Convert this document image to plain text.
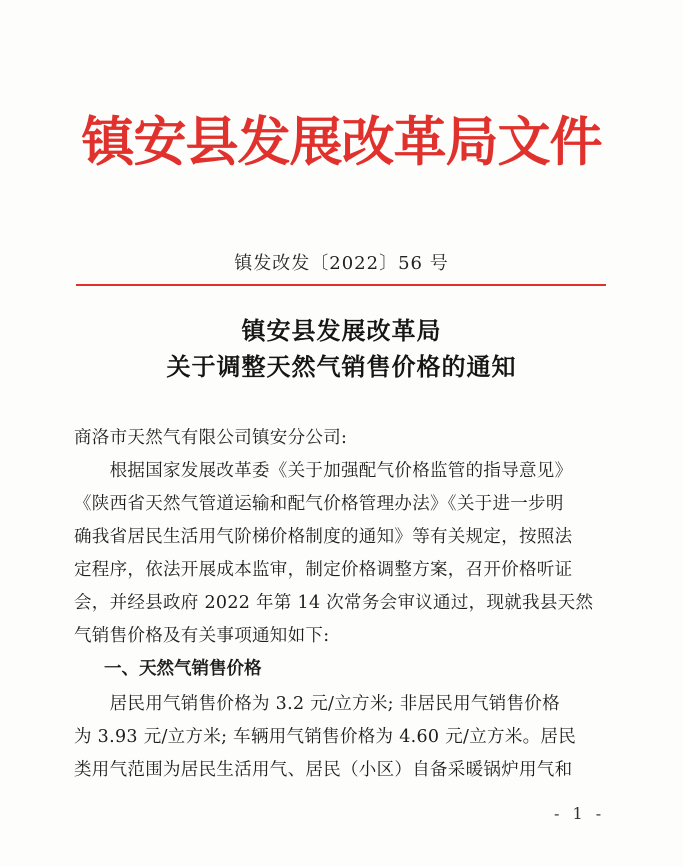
镇安县发展改革局文件
镇发改发〔2022〕56 号
镇安县发展改革局
关于调整天然气销售价格的通知
商洛市天然气有限公司镇安分公司:
　　根据国家发展改革委《关于加强配气价格监管的指导意见》
《陕西省天然气管道运输和配气价格管理办法》《关于进一步明
确我省居民生活用气阶梯价格制度的通知》等有关规定，按照法
定程序，依法开展成本监审，制定价格调整方案，召开价格听证
会，并经县政府 2022 年第 14 次常务会审议通过，现就我县天然
气销售价格及有关事项通知如下:
一、天然气销售价格
　　居民用气销售价格为 3.2 元/立方米; 非居民用气销售价格
为 3.93 元/立方米; 车辆用气销售价格为 4.60 元/立方米。居民
类用气范围为居民生活用气、居民（小区）自备采暖锅炉用气和
- 1 -
